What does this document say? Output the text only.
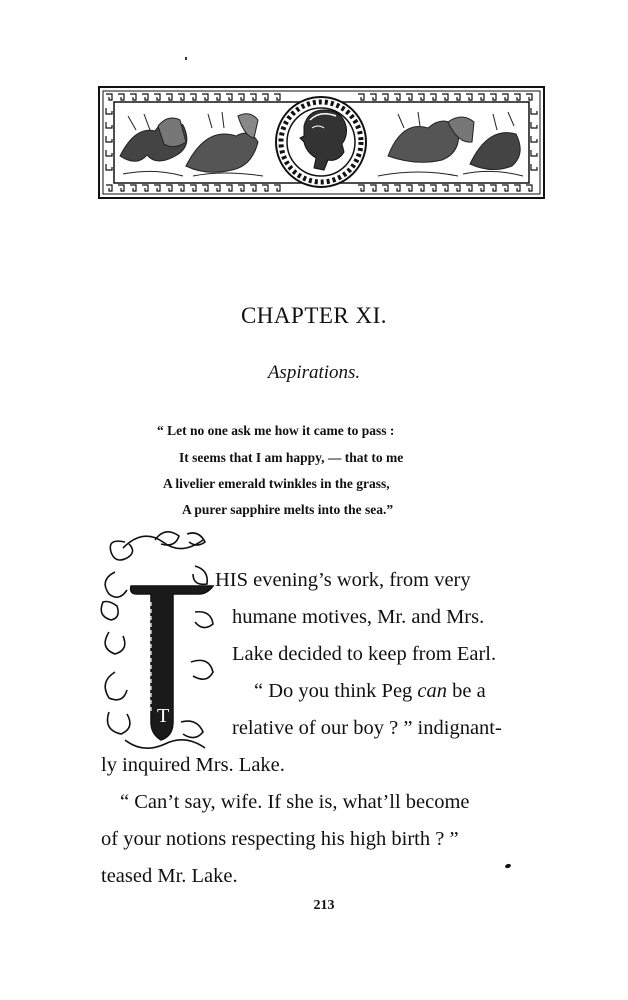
CHAPTER XI.
Aspirations.
“ Let no one ask me how it came to pass :
It seems that I am happy, — that to me
A livelier emerald twinkles in the grass,
A purer sapphire melts into the sea.”
T
HIS evening’s work, from very
humane motives, Mr. and Mrs.
Lake decided to keep from Earl.
“ Do you think Peg can be a
relative of our boy ? ” indignant-
ly inquired Mrs. Lake.
“ Can’t say, wife. If she is, what’ll become
of your notions respecting his high birth ? ”
teased Mr. Lake.
213
